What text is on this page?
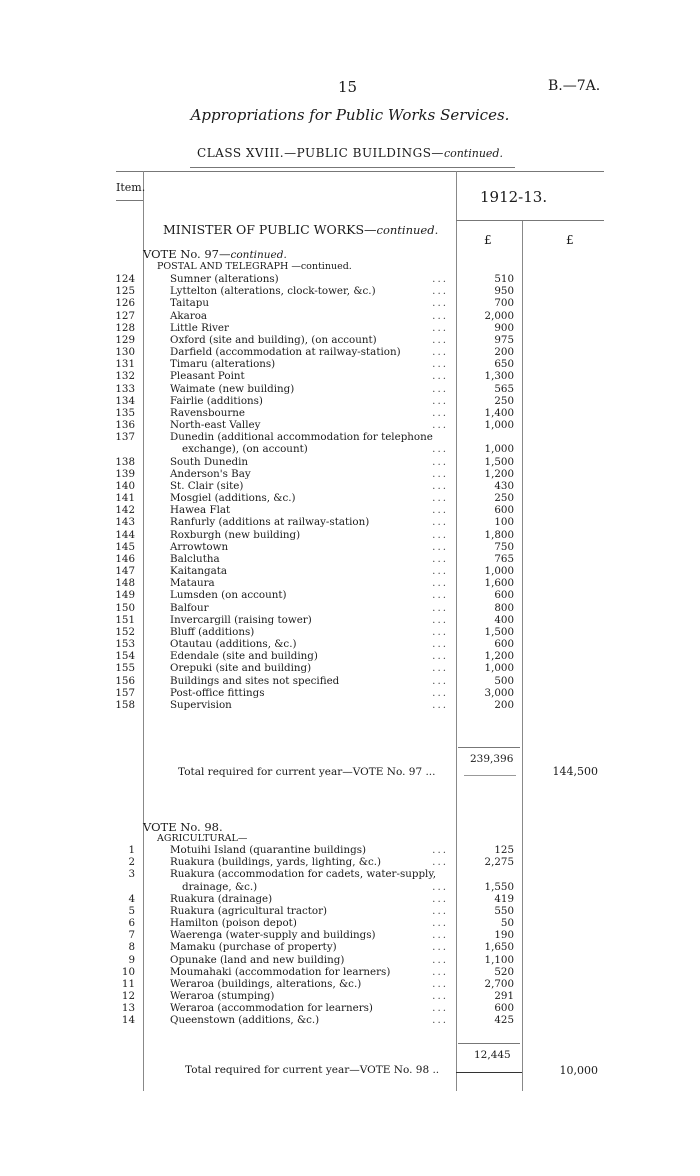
15	B.—7A.
Appropriations for Public Works Services.
CLASS XVIII.—PUBLIC BUILDINGS—continued.
Item.
1912-13.
MINISTER OF PUBLIC WORKS—continued.
£	£
VOTE No. 97—continued.
POSTAL AND TELEGRAPH —continued.
124	Sumner (alterations)	...	510
125	Lyttelton (alterations, clock-tower, &c.)	...	950
126	Taitapu	...	700
127	Akaroa	...	2,000
128	Little River	...	900
129	Oxford (site and building), (on account)	...	975
130	Darfield (accommodation at railway-station)	...	200
131	Timaru (alterations)	...	650
132	Pleasant Point	...	1,300
133	Waimate (new building)	...	565
134	Fairlie (additions)	...	250
135	Ravensbourne	...	1,400
136	North-east Valley	...	1,000
137	Dunedin (additional accommodation for telephone
exchange), (on account)	...	1,000
138	South Dunedin	...	1,500
139	Anderson's Bay	...	1,200
140	St. Clair (site)	...	430
141	Mosgiel (additions, &c.)	...	250
142	Hawea Flat	...	600
143	Ranfurly (additions at railway-station)	...	100
144	Roxburgh (new building)	...	1,800
145	Arrowtown	...	750
146	Balclutha	...	765
147	Kaitangata	...	1,000
148	Mataura	...	1,600
149	Lumsden (on account)	...	600
150	Balfour	...	800
151	Invercargill (raising tower)	...	400
152	Bluff (additions)	...	1,500
153	Otautau (additions, &c.)	...	600
154	Edendale (site and building)	...	1,200
155	Orepuki (site and building)	...	1,000
156	Buildings and sites not specified	...	500
157	Post-office fittings	...	3,000
158	Supervision	...	200
239,396
Total required for current year—VOTE No. 97 ...	144,500
VOTE No. 98.
AGRICULTURAL—
1	Motuihi Island (quarantine buildings)	...	125
2	Ruakura (buildings, yards, lighting, &c.)	...	2,275
3	Ruakura (accommodation for cadets, water-supply,
drainage, &c.)	...	1,550
4	Ruakura (drainage)	...	419
5	Ruakura (agricultural tractor)	...	550
6	Hamilton (poison depot)	...	50
7	Waerenga (water-supply and buildings)	...	190
8	Mamaku (purchase of property)	...	1,650
9	Opunake (land and new building)	...	1,100
10	Moumahaki (accommodation for learners)	...	520
11	Weraroa (buildings, alterations, &c.)	...	2,700
12	Weraroa (stumping)	...	291
13	Weraroa (accommodation for learners)	...	600
14	Queenstown (additions, &c.)	...	425
12,445
Total required for current year—VOTE No. 98 ..	10,000
